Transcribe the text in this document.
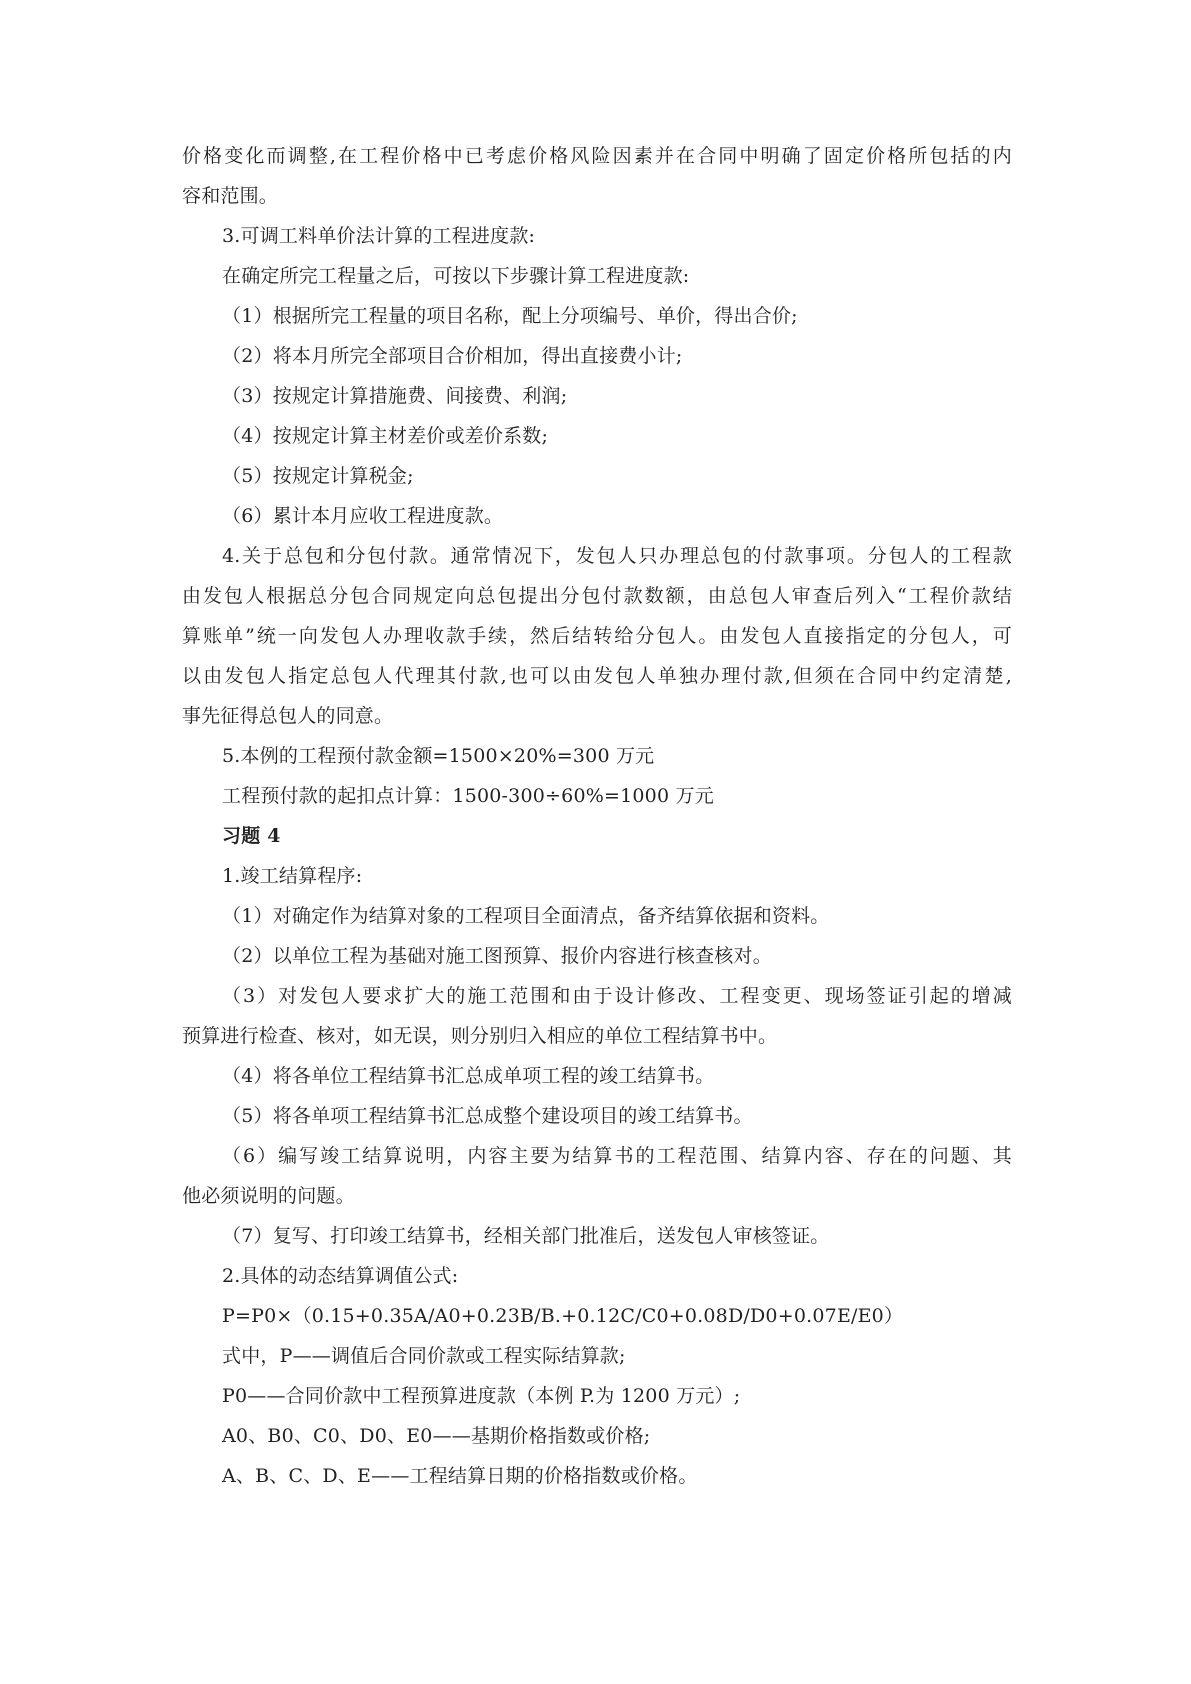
价格变化而调整,在工程价格中已考虑价格风险因素并在合同中明确了固定价格所包括的内
容和范围。
3.可调工料单价法计算的工程进度款:
在确定所完工程量之后，可按以下步骤计算工程进度款:
（1）根据所完工程量的项目名称，配上分项编号、单价，得出合价;
（2）将本月所完全部项目合价相加，得出直接费小计;
（3）按规定计算措施费、间接费、利润;
（4）按规定计算主材差价或差价系数;
（5）按规定计算税金;
（6）累计本月应收工程进度款。
4.关于总包和分包付款。通常情况下，发包人只办理总包的付款事项。分包人的工程款
由发包人根据总分包合同规定向总包提出分包付款数额，由总包人审查后列入“工程价款结
算账单”统一向发包人办理收款手续，然后结转给分包人。由发包人直接指定的分包人，可
以由发包人指定总包人代理其付款,也可以由发包人单独办理付款,但须在合同中约定清楚,
事先征得总包人的同意。
5.本例的工程预付款金额=1500×20%=300 万元
工程预付款的起扣点计算：1500-300÷60%=1000 万元
习题 4
1.竣工结算程序:
（1）对确定作为结算对象的工程项目全面清点，备齐结算依据和资料。
（2）以单位工程为基础对施工图预算、报价内容进行核查核对。
（3）对发包人要求扩大的施工范围和由于设计修改、工程变更、现场签证引起的增减
预算进行检查、核对，如无误，则分别归入相应的单位工程结算书中。
（4）将各单位工程结算书汇总成单项工程的竣工结算书。
（5）将各单项工程结算书汇总成整个建设项目的竣工结算书。
（6）编写竣工结算说明，内容主要为结算书的工程范围、结算内容、存在的问题、其
他必须说明的问题。
（7）复写、打印竣工结算书，经相关部门批准后，送发包人审核签证。
2.具体的动态结算调值公式:
P=P0×（0.15+0.35A/A0+0.23B/B.+0.12C/C0+0.08D/D0+0.07E/E0）
式中，P——调值后合同价款或工程实际结算款;
P0——合同价款中工程预算进度款（本例 P.为 1200 万元）;
A0、B0、C0、D0、E0——基期价格指数或价格;
A、B、C、D、E——工程结算日期的价格指数或价格。
